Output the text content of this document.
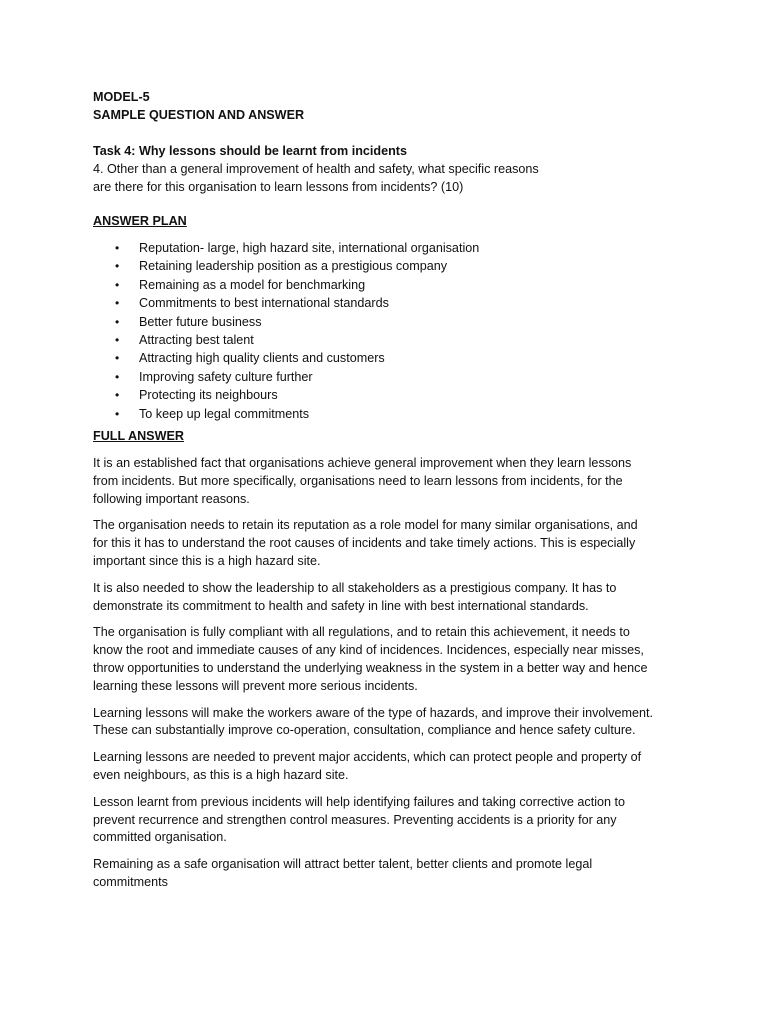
MODEL-5
SAMPLE QUESTION AND ANSWER
Task 4: Why lessons should be learnt from incidents
4. Other than a general improvement of health and safety, what specific reasons
are there for this organisation to learn lessons from incidents? (10)
ANSWER PLAN
• Reputation- large, high hazard site, international organisation
• Retaining leadership position as a prestigious company
• Remaining as a model for benchmarking
• Commitments to best international standards
• Better future business
• Attracting best talent
• Attracting high quality clients and customers
• Improving safety culture further
• Protecting its neighbours
• To keep up legal commitments
FULL ANSWER

It is an established fact that organisations achieve general improvement when they learn lessons
from incidents. But more specifically, organisations need to learn lessons from incidents, for the
following important reasons.

The organisation needs to retain its reputation as a role model for many similar organisations, and
for this it has to understand the root causes of incidents and take timely actions. This is especially
important since this is a high hazard site.

It is also needed to show the leadership to all stakeholders as a prestigious company. It has to
demonstrate its commitment to health and safety in line with best international standards.

The organisation is fully compliant with all regulations, and to retain this achievement, it needs to
know the root and immediate causes of any kind of incidences. Incidences, especially near misses,
throw opportunities to understand the underlying weakness in the system in a better way and hence
learning these lessons will prevent more serious incidents.

Learning lessons will make the workers aware of the type of hazards, and improve their involvement.
These can substantially improve co-operation, consultation, compliance and hence safety culture.

Learning lessons are needed to prevent major accidents, which can protect people and property of
even neighbours, as this is a high hazard site.

Lesson learnt from previous incidents will help identifying failures and taking corrective action to
prevent recurrence and strengthen control measures. Preventing accidents is a priority for any
committed organisation.

Remaining as a safe organisation will attract better talent, better clients and promote legal
commitments
